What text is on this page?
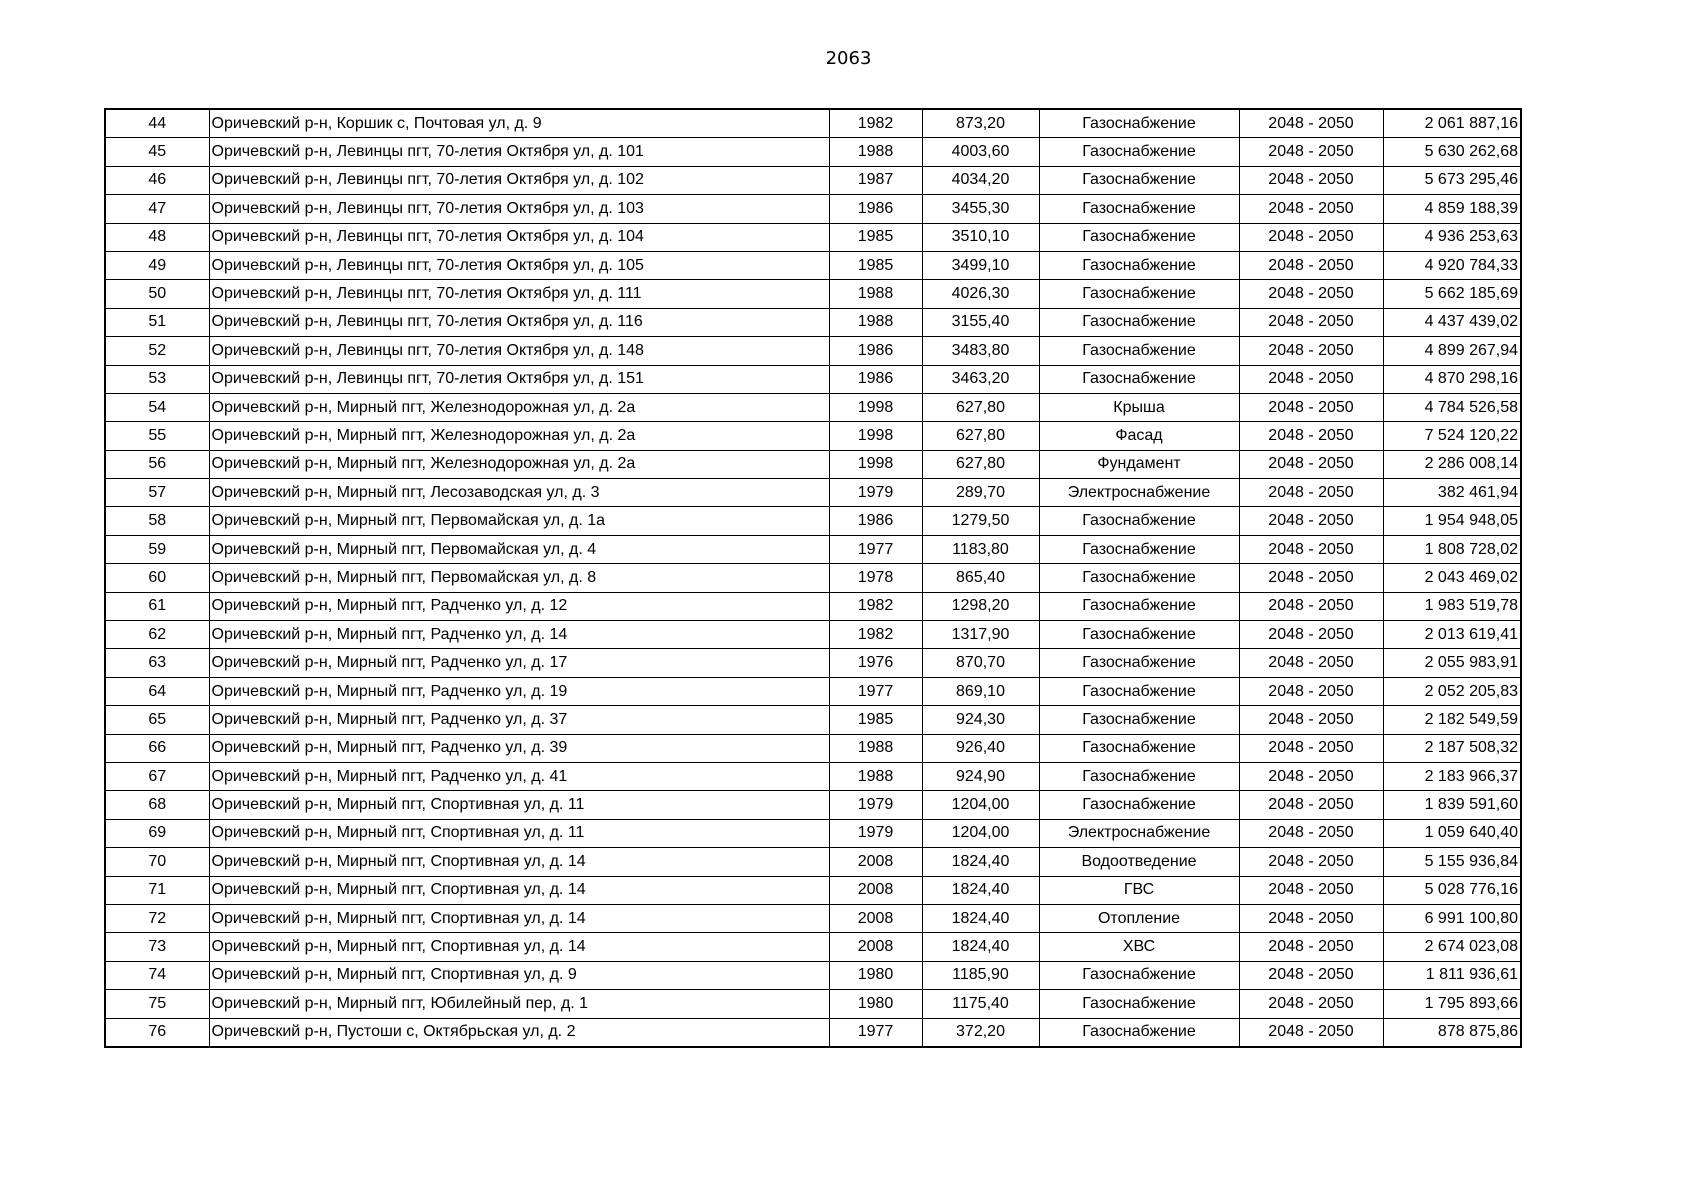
2063
44	Оричевский р-н, Коршик с, Почтовая ул, д. 9	1982	873,20	Газоснабжение	2048 - 2050	2 061 887,16
45	Оричевский р-н, Левинцы пгт, 70-летия Октября ул, д. 101	1988	4003,60	Газоснабжение	2048 - 2050	5 630 262,68
46	Оричевский р-н, Левинцы пгт, 70-летия Октября ул, д. 102	1987	4034,20	Газоснабжение	2048 - 2050	5 673 295,46
47	Оричевский р-н, Левинцы пгт, 70-летия Октября ул, д. 103	1986	3455,30	Газоснабжение	2048 - 2050	4 859 188,39
48	Оричевский р-н, Левинцы пгт, 70-летия Октября ул, д. 104	1985	3510,10	Газоснабжение	2048 - 2050	4 936 253,63
49	Оричевский р-н, Левинцы пгт, 70-летия Октября ул, д. 105	1985	3499,10	Газоснабжение	2048 - 2050	4 920 784,33
50	Оричевский р-н, Левинцы пгт, 70-летия Октября ул, д. 111	1988	4026,30	Газоснабжение	2048 - 2050	5 662 185,69
51	Оричевский р-н, Левинцы пгт, 70-летия Октября ул, д. 116	1988	3155,40	Газоснабжение	2048 - 2050	4 437 439,02
52	Оричевский р-н, Левинцы пгт, 70-летия Октября ул, д. 148	1986	3483,80	Газоснабжение	2048 - 2050	4 899 267,94
53	Оричевский р-н, Левинцы пгт, 70-летия Октября ул, д. 151	1986	3463,20	Газоснабжение	2048 - 2050	4 870 298,16
54	Оричевский р-н, Мирный пгт, Железнодорожная ул, д. 2а	1998	627,80	Крыша	2048 - 2050	4 784 526,58
55	Оричевский р-н, Мирный пгт, Железнодорожная ул, д. 2а	1998	627,80	Фасад	2048 - 2050	7 524 120,22
56	Оричевский р-н, Мирный пгт, Железнодорожная ул, д. 2а	1998	627,80	Фундамент	2048 - 2050	2 286 008,14
57	Оричевский р-н, Мирный пгт, Лесозаводская ул, д. 3	1979	289,70	Электроснабжение	2048 - 2050	382 461,94
58	Оричевский р-н, Мирный пгт, Первомайская ул, д. 1а	1986	1279,50	Газоснабжение	2048 - 2050	1 954 948,05
59	Оричевский р-н, Мирный пгт, Первомайская ул, д. 4	1977	1183,80	Газоснабжение	2048 - 2050	1 808 728,02
60	Оричевский р-н, Мирный пгт, Первомайская ул, д. 8	1978	865,40	Газоснабжение	2048 - 2050	2 043 469,02
61	Оричевский р-н, Мирный пгт, Радченко ул, д. 12	1982	1298,20	Газоснабжение	2048 - 2050	1 983 519,78
62	Оричевский р-н, Мирный пгт, Радченко ул, д. 14	1982	1317,90	Газоснабжение	2048 - 2050	2 013 619,41
63	Оричевский р-н, Мирный пгт, Радченко ул, д. 17	1976	870,70	Газоснабжение	2048 - 2050	2 055 983,91
64	Оричевский р-н, Мирный пгт, Радченко ул, д. 19	1977	869,10	Газоснабжение	2048 - 2050	2 052 205,83
65	Оричевский р-н, Мирный пгт, Радченко ул, д. 37	1985	924,30	Газоснабжение	2048 - 2050	2 182 549,59
66	Оричевский р-н, Мирный пгт, Радченко ул, д. 39	1988	926,40	Газоснабжение	2048 - 2050	2 187 508,32
67	Оричевский р-н, Мирный пгт, Радченко ул, д. 41	1988	924,90	Газоснабжение	2048 - 2050	2 183 966,37
68	Оричевский р-н, Мирный пгт, Спортивная ул, д. 11	1979	1204,00	Газоснабжение	2048 - 2050	1 839 591,60
69	Оричевский р-н, Мирный пгт, Спортивная ул, д. 11	1979	1204,00	Электроснабжение	2048 - 2050	1 059 640,40
70	Оричевский р-н, Мирный пгт, Спортивная ул, д. 14	2008	1824,40	Водоотведение	2048 - 2050	5 155 936,84
71	Оричевский р-н, Мирный пгт, Спортивная ул, д. 14	2008	1824,40	ГВС	2048 - 2050	5 028 776,16
72	Оричевский р-н, Мирный пгт, Спортивная ул, д. 14	2008	1824,40	Отопление	2048 - 2050	6 991 100,80
73	Оричевский р-н, Мирный пгт, Спортивная ул, д. 14	2008	1824,40	ХВС	2048 - 2050	2 674 023,08
74	Оричевский р-н, Мирный пгт, Спортивная ул, д. 9	1980	1185,90	Газоснабжение	2048 - 2050	1 811 936,61
75	Оричевский р-н, Мирный пгт, Юбилейный пер, д. 1	1980	1175,40	Газоснабжение	2048 - 2050	1 795 893,66
76	Оричевский р-н, Пустоши с, Октябрьская ул, д. 2	1977	372,20	Газоснабжение	2048 - 2050	878 875,86
